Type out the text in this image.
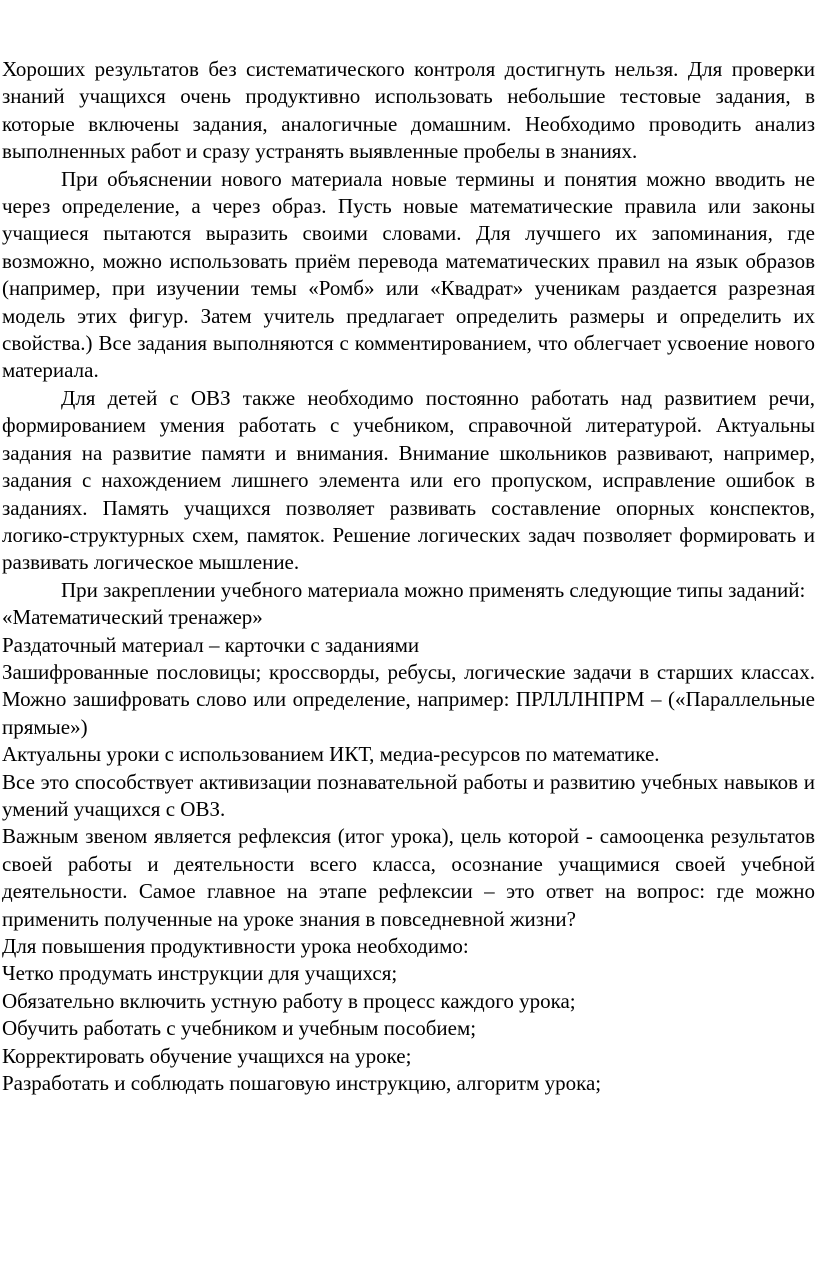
Хороших результатов без систематического контроля достигнуть нельзя. Для проверки знаний учащихся очень продуктивно использовать небольшие тестовые задания, в которые включены задания, аналогичные домашним. Необходимо проводить анализ выполненных работ и сразу устранять выявленные пробелы в знаниях.

При объяснении нового материала новые термины и понятия можно вводить не через определение, а через образ. Пусть новые математические правила или законы учащиеся пытаются выразить своими словами. Для лучшего их запоминания, где возможно, можно использовать приём перевода математических правил на язык образов (например, при изучении темы «Ромб» или «Квадрат» ученикам раздается разрезная модель этих фигур. Затем учитель предлагает определить размеры и определить их свойства.) Все задания выполняются с комментированием, что облегчает усвоение нового материала.

Для детей с ОВЗ также необходимо постоянно работать над развитием речи, формированием умения работать с учебником, справочной литературой. Актуальны задания на развитие памяти и внимания. Внимание школьников развивают, например, задания с нахождением лишнего элемента или его пропуском, исправление ошибок в заданиях. Память учащихся позволяет развивать составление опорных конспектов, логико-структурных схем, памяток. Решение логических задач позволяет формировать и развивать логическое мышление.

При закреплении учебного материала можно применять следующие типы заданий:

«Математический тренажер»

Раздаточный материал – карточки с заданиями

Зашифрованные пословицы; кроссворды, ребусы, логические задачи в старших классах. Можно зашифровать слово или определение, например: ПРЛЛЛНПРМ – («Параллельные прямые»)

Актуальны уроки с использованием ИКТ, медиа-ресурсов по математике.

Все это способствует активизации познавательной работы и развитию учебных навыков и умений учащихся с ОВЗ.

Важным звеном является рефлексия (итог урока), цель которой - самооценка результатов своей работы и деятельности всего класса, осознание учащимися своей учебной деятельности. Самое главное на этапе рефлексии – это ответ на вопрос: где можно применить полученные на уроке знания в повседневной жизни?

Для повышения продуктивности урока необходимо:

Четко продумать инструкции для учащихся;

Обязательно включить устную работу в процесс каждого урока;

Обучить работать с учебником и учебным пособием;

Корректировать обучение учащихся на уроке;

Разработать и соблюдать пошаговую инструкцию, алгоритм урока;
